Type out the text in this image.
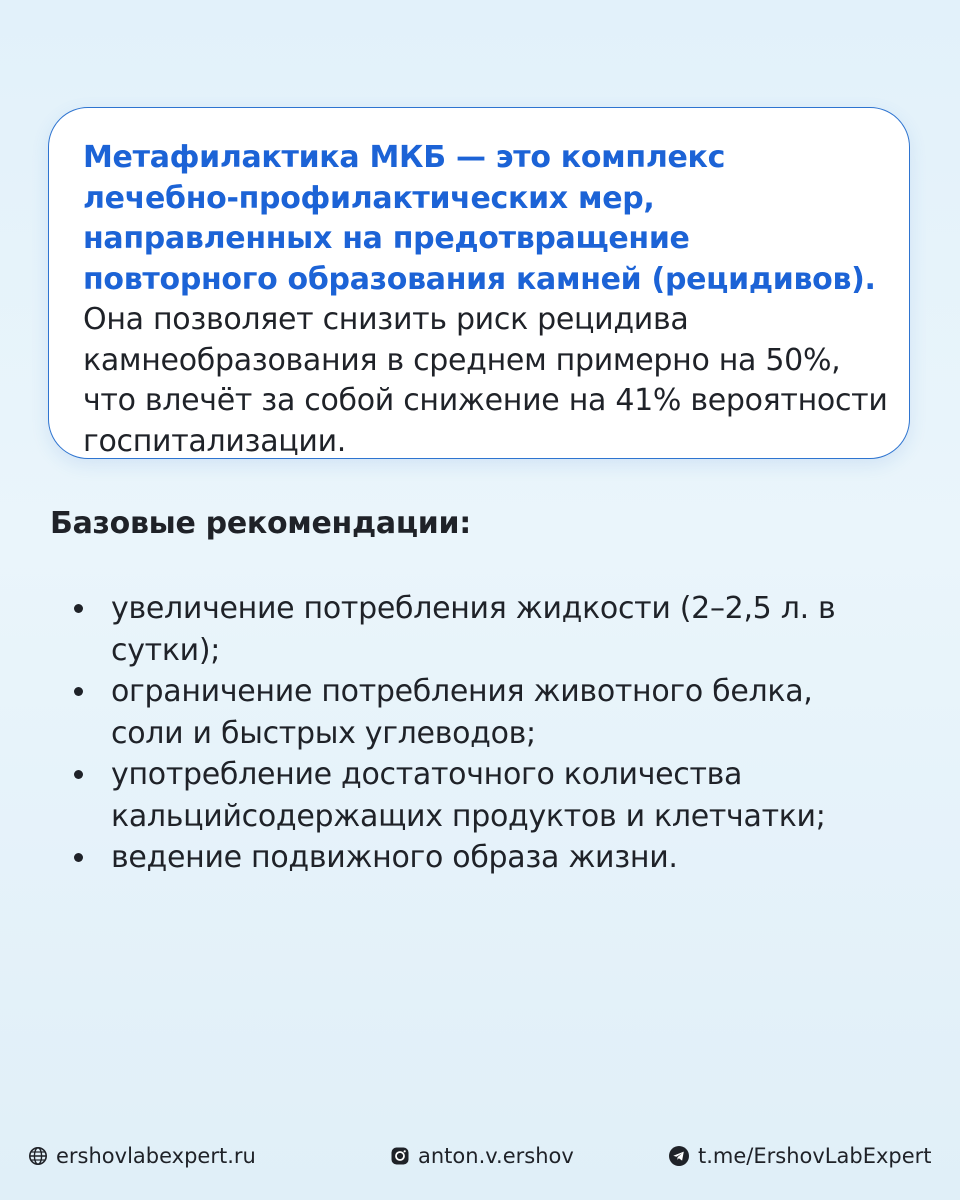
Метафилактика МКБ — это комплекс лечебно-профилактических мер, направленных на предотвращение повторного образования камней (рецидивов). Она позволяет снизить риск рецидива камнеобразования в среднем примерно на 50%, что влечёт за собой снижение на 41% вероятности госпитализации.

Базовые рекомендации:
увеличение потребления жидкости (2–2,5 л. в сутки);
ограничение потребления животного белка, соли и быстрых углеводов;
употребление достаточного количества кальцийсодержащих продуктов и клетчатки;
ведение подвижного образа жизни.
ershovlabexpert.ru	anton.v.ershov	t.me/ErshovLabExpert
